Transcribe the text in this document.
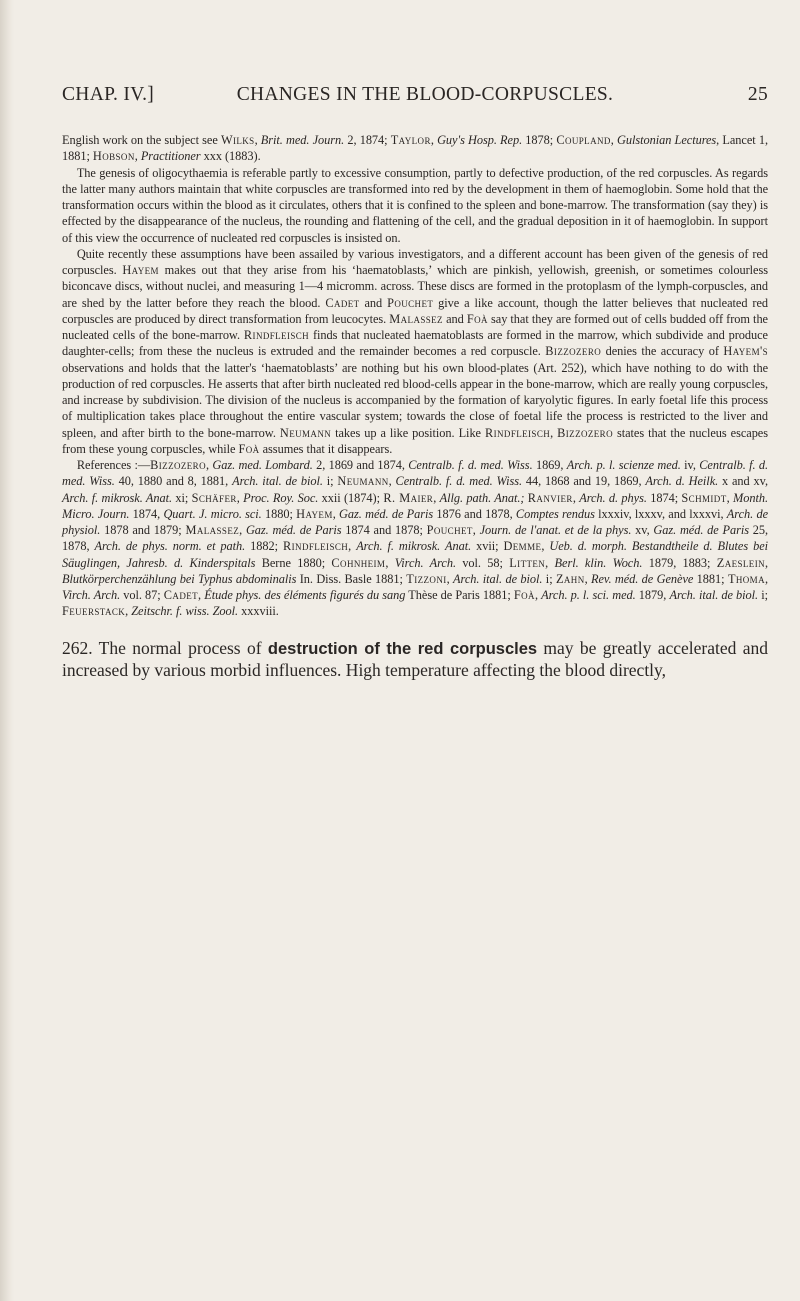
CHAP. IV.]	CHANGES IN THE BLOOD-CORPUSCLES.	25

English work on the subject see Wilks, Brit. med. Journ. 2, 1874; Taylor, Guy's Hosp. Rep. 1878; Coupland, Gulstonian Lectures, Lancet 1, 1881; Hobson, Practitioner xxx (1883).

The genesis of oligocythaemia is referable partly to excessive consumption, partly to defective production, of the red corpuscles. As regards the latter many authors maintain that white corpuscles are transformed into red by the development in them of haemoglobin. Some hold that the transformation occurs within the blood as it circulates, others that it is confined to the spleen and bone-marrow. The transformation (say they) is effected by the disappearance of the nucleus, the rounding and flattening of the cell, and the gradual deposition in it of haemoglobin. In support of this view the occurrence of nucleated red corpuscles is insisted on.

Quite recently these assumptions have been assailed by various investigators, and a different account has been given of the genesis of red corpuscles. Hayem makes out that they arise from his ‘haematoblasts,’ which are pinkish, yellowish, greenish, or sometimes colourless biconcave discs, without nuclei, and measuring 1—4 micromm. across. These discs are formed in the protoplasm of the lymph-corpuscles, and are shed by the latter before they reach the blood. Cadet and Pouchet give a like account, though the latter believes that nucleated red corpuscles are produced by direct transformation from leucocytes. Malassez and Foà say that they are formed out of cells budded off from the nucleated cells of the bone-marrow. Rindfleisch finds that nucleated haematoblasts are formed in the marrow, which subdivide and produce daughter-cells; from these the nucleus is extruded and the remainder becomes a red corpuscle. Bizzozero denies the accuracy of Hayem's observations and holds that the latter's ‘haematoblasts’ are nothing but his own blood-plates (Art. 252), which have nothing to do with the production of red corpuscles. He asserts that after birth nucleated red blood-cells appear in the bone-marrow, which are really young corpuscles, and increase by subdivision. The division of the nucleus is accompanied by the formation of karyolytic figures. In early foetal life this process of multiplication takes place throughout the entire vascular system; towards the close of foetal life the process is restricted to the liver and spleen, and after birth to the bone-marrow. Neumann takes up a like position. Like Rindfleisch, Bizzozero states that the nucleus escapes from these young corpuscles, while Foà assumes that it disappears.

References :—Bizzozero, Gaz. med. Lombard. 2, 1869 and 1874, Centralb. f. d. med. Wiss. 1869, Arch. p. l. scienze med. iv, Centralb. f. d. med. Wiss. 40, 1880 and 8, 1881, Arch. ital. de biol. i; Neumann, Centralb. f. d. med. Wiss. 44, 1868 and 19, 1869, Arch. d. Heilk. x and xv, Arch. f. mikrosk. Anat. xi; Schäfer, Proc. Roy. Soc. xxii (1874); R. Maier, Allg. path. Anat.; Ranvier, Arch. d. phys. 1874; Schmidt, Month. Micro. Journ. 1874, Quart. J. micro. sci. 1880; Hayem, Gaz. méd. de Paris 1876 and 1878, Comptes rendus lxxxiv, lxxxv, and lxxxvi, Arch. de physiol. 1878 and 1879; Malassez, Gaz. méd. de Paris 1874 and 1878; Pouchet, Journ. de l'anat. et de la phys. xv, Gaz. méd. de Paris 25, 1878, Arch. de phys. norm. et path. 1882; Rindfleisch, Arch. f. mikrosk. Anat. xvii; Demme, Ueb. d. morph. Bestandtheile d. Blutes bei Säuglingen, Jahresb. d. Kinderspitals Berne 1880; Cohnheim, Virch. Arch. vol. 58; Litten, Berl. klin. Woch. 1879, 1883; Zaeslein, Blutkörperchenzählung bei Typhus abdominalis In. Diss. Basle 1881; Tizzoni, Arch. ital. de biol. i; Zahn, Rev. méd. de Genève 1881; Thoma, Virch. Arch. vol. 87; Cadet, Étude phys. des éléments figurés du sang Thèse de Paris 1881; Foà, Arch. p. l. sci. med. 1879, Arch. ital. de biol. i; Feuerstack, Zeitschr. f. wiss. Zool. xxxviii.

262. The normal process of destruction of the red corpuscles may be greatly accelerated and increased by various morbid influences. High temperature affecting the blood directly,
